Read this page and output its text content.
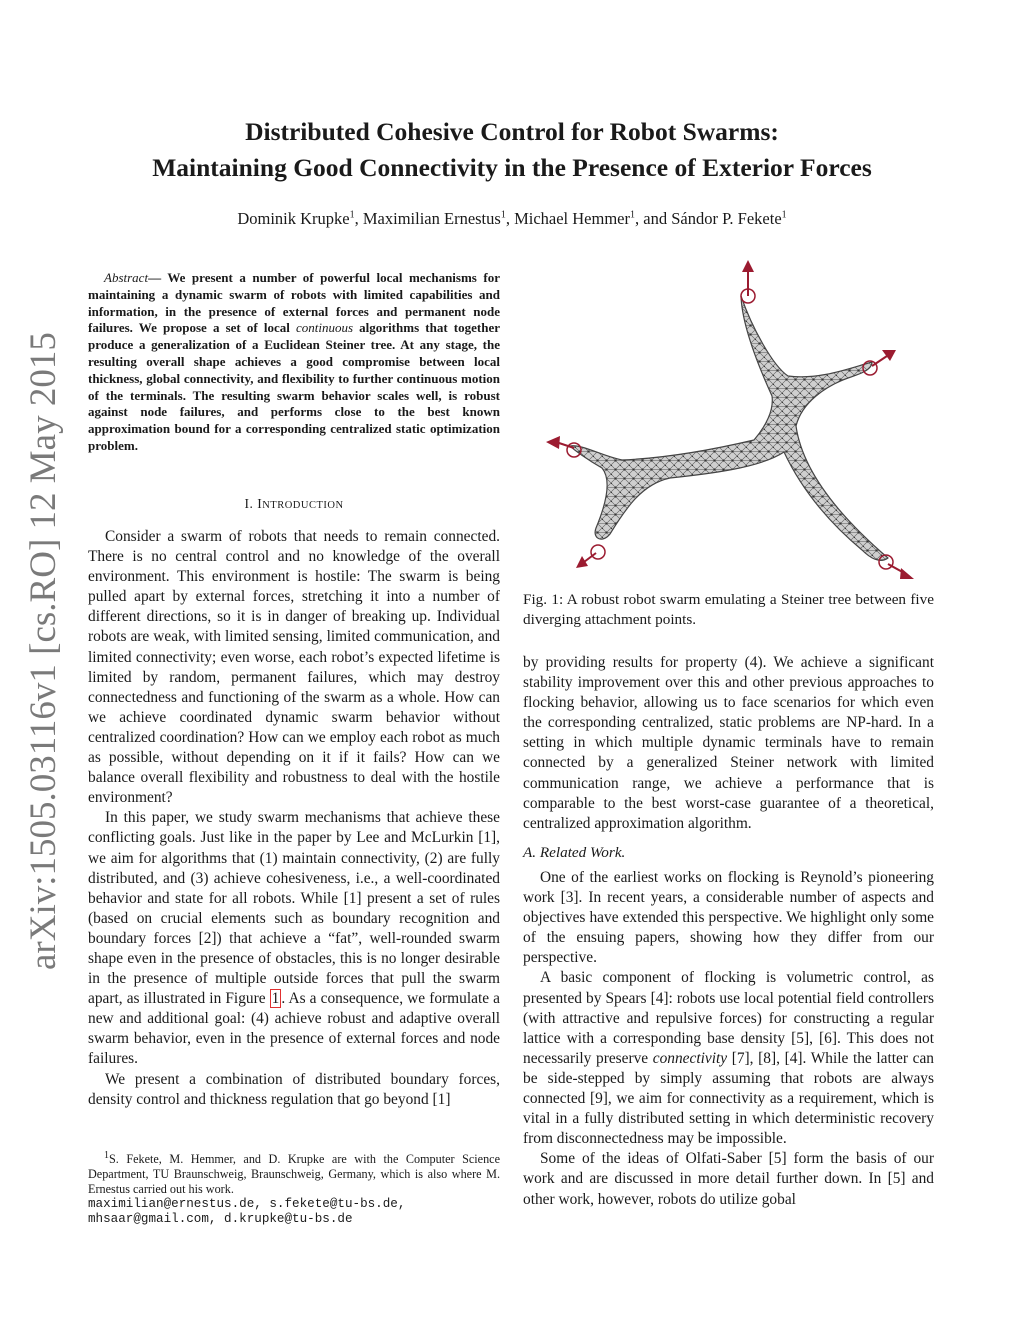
arXiv:1505.03116v1 [cs.RO] 12 May 2015
Distributed Cohesive Control for Robot Swarms:
Maintaining Good Connectivity in the Presence of Exterior Forces
Dominik Krupke$^1$, Maximilian Ernestus$^1$, Michael Hemmer$^1$, and Sándor P. Fekete$^1$
Abstract— We present a number of powerful local mechanisms for maintaining a dynamic swarm of robots with limited capabilities and information, in the presence of external forces and permanent node failures. We propose a set of local continuous algorithms that together produce a generalization of a Euclidean Steiner tree. At any stage, the resulting overall shape achieves a good compromise between local thickness, global connectivity, and flexibility to further continuous motion of the terminals. The resulting swarm behavior scales well, is robust against node failures, and performs close to the best known approximation bound for a corresponding centralized static optimization problem.
I. INTRODUCTION

Consider a swarm of robots that needs to remain connected. There is no central control and no knowledge of the overall environment. This environment is hostile: The swarm is being pulled apart by external forces, stretching it into a number of different directions, so it is in danger of breaking up. Individual robots are weak, with limited sensing, limited communication, and limited connectivity; even worse, each robot’s expected lifetime is limited by random, permanent failures, which may destroy connectedness and functioning of the swarm as a whole. How can we achieve coordinated dynamic swarm behavior without centralized coordination? How can we employ each robot as much as possible, without depending on it if it fails? How can we balance overall flexibility and robustness to deal with the hostile environment?

In this paper, we study swarm mechanisms that achieve these conflicting goals. Just like in the paper by Lee and McLurkin [1], we aim for algorithms that (1) maintain connectivity, (2) are fully distributed, and (3) achieve cohesiveness, i.e., a well-coordinated behavior and state for all robots. While [1] present a set of rules (based on crucial elements such as boundary recognition and boundary forces [2]) that achieve a “fat”, well-rounded swarm shape even in the presence of obstacles, this is no longer desirable in the presence of multiple outside forces that pull the swarm apart, as illustrated in Figure 1 . As a consequence, we formulate a new and additional goal: (4) achieve robust and adaptive overall swarm behavior, even in the presence of external forces and node failures.

We present a combination of distributed boundary forces, density control and thickness regulation that go beyond [1]

$^1$S. Fekete, M. Hemmer, and D. Krupke are with the Computer Science Department, TU Braunschweig, Braunschweig, Germany, which is also where M. Ernestus carried out his work.
maximilian@ernestus.de, s.fekete@tu-bs.de,
mhsaar@gmail.com, d.krupke@tu-bs.de
Fig. 1: A robust robot swarm emulating a Steiner tree between five diverging attachment points.

by providing results for property (4). We achieve a significant stability improvement over this and other previous approaches to flocking behavior, allowing us to face scenarios for which even the corresponding centralized, static problems are NP-hard. In a setting in which multiple dynamic terminals have to remain connected by a generalized Steiner network with limited communication range, we achieve a performance that is comparable to the best worst-case guarantee of a theoretical, centralized approximation algorithm.

A. Related Work.

One of the earliest works on flocking is Reynold’s pioneering work [3]. In recent years, a considerable number of aspects and objectives have extended this perspective. We highlight only some of the ensuing papers, showing how they differ from our perspective.

A basic component of flocking is volumetric control, as presented by Spears [4]: robots use local potential field controllers (with attractive and repulsive forces) for constructing a regular lattice with a corresponding base density [5], [6]. This does not necessarily preserve connectivity [7], [8], [4]. While the latter can be side-stepped by simply assuming that robots are always connected [9], we aim for connectivity as a requirement, which is vital in a fully distributed setting in which deterministic recovery from disconnectedness may be impossible.

Some of the ideas of Olfati-Saber [5] form the basis of our work and are discussed in more detail further down. In [5] and other work, however, robots do utilize gobal
